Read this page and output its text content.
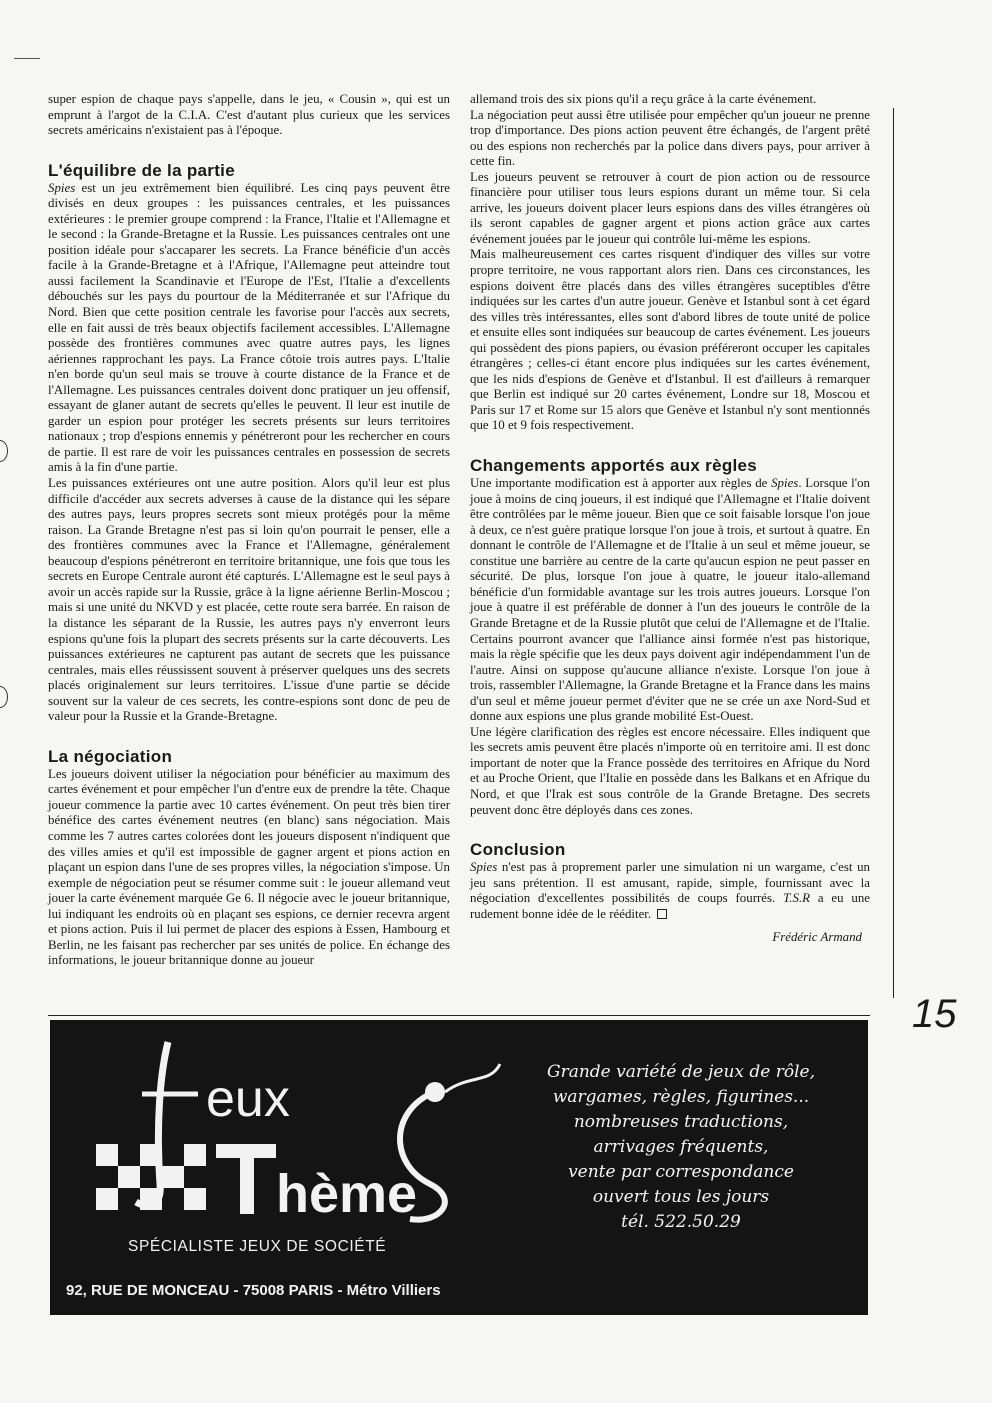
super espion de chaque pays s'appelle, dans le jeu, « Cousin », qui est un emprunt à l'argot de la C.I.A. C'est d'autant plus curieux que les services secrets américains n'existaient pas à l'époque.

L'équilibre de la partie

Spies est un jeu extrêmement bien équilibré. Les cinq pays peuvent être divisés en deux groupes : les puissances centrales, et les puissances extérieures : le premier groupe comprend : la France, l'Italie et l'Allemagne et le second : la Grande-Bretagne et la Russie. Les puissances centrales ont une position idéale pour s'accaparer les secrets. La France bénéficie d'un accès facile à la Grande-Bretagne et à l'Afrique, l'Allemagne peut atteindre tout aussi facilement la Scandinavie et l'Europe de l'Est, l'Italie a d'excellents débouchés sur les pays du pourtour de la Méditerranée et sur l'Afrique du Nord. Bien que cette position centrale les favorise pour l'accès aux secrets, elle en fait aussi de très beaux objectifs facilement accessibles. L'Allemagne possède des frontières communes avec quatre autres pays, les lignes aériennes rapprochant les pays. La France côtoie trois autres pays. L'Italie n'en borde qu'un seul mais se trouve à courte distance de la France et de l'Allemagne. Les puissances centrales doivent donc pratiquer un jeu offensif, essayant de glaner autant de secrets qu'elles le peuvent. Il leur est inutile de garder un espion pour protéger les secrets présents sur leurs territoires nationaux ; trop d'espions ennemis y pénétreront pour les rechercher en cours de partie. Il est rare de voir les puissances centrales en possession de secrets amis à la fin d'une partie.

Les puissances extérieures ont une autre position. Alors qu'il leur est plus difficile d'accéder aux secrets adverses à cause de la distance qui les sépare des autres pays, leurs propres secrets sont mieux protégés pour la même raison. La Grande Bretagne n'est pas si loin qu'on pourrait le penser, elle a des frontières communes avec la France et l'Allemagne, généralement beaucoup d'espions pénétreront en territoire britannique, une fois que tous les secrets en Europe Centrale auront été capturés. L'Allemagne est le seul pays à avoir un accès rapide sur la Russie, grâce à la ligne aérienne Berlin-Moscou ; mais si une unité du NKVD y est placée, cette route sera barrée. En raison de la distance les séparant de la Russie, les autres pays n'y enverront leurs espions qu'une fois la plupart des secrets présents sur la carte découverts. Les puissances extérieures ne capturent pas autant de secrets que les puissance centrales, mais elles réussissent souvent à préserver quelques uns des secrets placés originalement sur leurs territoires. L'issue d'une partie se décide souvent sur la valeur de ces secrets, les contre-espions sont donc de peu de valeur pour la Russie et la Grande-Bretagne.

La négociation

Les joueurs doivent utiliser la négociation pour bénéficier au maximum des cartes événement et pour empêcher l'un d'entre eux de prendre la tête. Chaque joueur commence la partie avec 10 cartes événement. On peut très bien tirer bénéfice des cartes événement neutres (en blanc) sans négociation. Mais comme les 7 autres cartes colorées dont les joueurs disposent n'indiquent que des villes amies et qu'il est impossible de gagner argent et pions action en plaçant un espion dans l'une de ses propres villes, la négociation s'impose. Un exemple de négociation peut se résumer comme suit : le joueur allemand veut jouer la carte événement marquée Ge 6. Il négocie avec le joueur britannique, lui indiquant les endroits où en plaçant ses espions, ce dernier recevra argent et pions action. Puis il lui permet de placer des espions à Essen, Hambourg et Berlin, ne les faisant pas rechercher par ses unités de police. En échange des informations, le joueur britannique donne au joueur

allemand trois des six pions qu'il a reçu grâce à la carte événement.

La négociation peut aussi être utilisée pour empêcher qu'un joueur ne prenne trop d'importance. Des pions action peuvent être échangés, de l'argent prêté ou des espions non recherchés par la police dans divers pays, pour arriver à cette fin.

Les joueurs peuvent se retrouver à court de pion action ou de ressource financière pour utiliser tous leurs espions durant un même tour. Si cela arrive, les joueurs doivent placer leurs espions dans des villes étrangères où ils seront capables de gagner argent et pions action grâce aux cartes événement jouées par le joueur qui contrôle lui-même les espions.

Mais malheureusement ces cartes risquent d'indiquer des villes sur votre propre territoire, ne vous rapportant alors rien. Dans ces circonstances, les espions doivent être placés dans des villes étrangères suceptibles d'être indiquées sur les cartes d'un autre joueur. Genève et Istanbul sont à cet égard des villes très intéressantes, elles sont d'abord libres de toute unité de police et ensuite elles sont indiquées sur beaucoup de cartes événement. Les joueurs qui possèdent des pions papiers, ou évasion préféreront occuper les capitales étrangères ; celles-ci étant encore plus indiquées sur les cartes événement, que les nids d'espions de Genève et d'Istanbul. Il est d'ailleurs à remarquer que Berlin est indiqué sur 20 cartes événement, Londre sur 18, Moscou et Paris sur 17 et Rome sur 15 alors que Genève et Istanbul n'y sont mentionnés que 10 et 9 fois respectivement.

Changements apportés aux règles

Une importante modification est à apporter aux règles de Spies. Lorsque l'on joue à moins de cinq joueurs, il est indiqué que l'Allemagne et l'Italie doivent être contrôlées par le même joueur. Bien que ce soit faisable lorsque l'on joue à deux, ce n'est guère pratique lorsque l'on joue à trois, et surtout à quatre. En donnant le contrôle de l'Allemagne et de l'Italie à un seul et même joueur, se constitue une barrière au centre de la carte qu'aucun espion ne peut passer en sécurité. De plus, lorsque l'on joue à quatre, le joueur italo-allemand bénéficie d'un formidable avantage sur les trois autres joueurs. Lorsque l'on joue à quatre il est préférable de donner à l'un des joueurs le contrôle de la Grande Bretagne et de la Russie plutôt que celui de l'Allemagne et de l'Italie. Certains pourront avancer que l'alliance ainsi formée n'est pas historique, mais la règle spécifie que les deux pays doivent agir indépendamment l'un de l'autre. Ainsi on suppose qu'aucune alliance n'existe. Lorsque l'on joue à trois, rassembler l'Allemagne, la Grande Bretagne et la France dans les mains d'un seul et même joueur permet d'éviter que ne se crée un axe Nord-Sud et donne aux espions une plus grande mobilité Est-Ouest.

Une légère clarification des règles est encore nécessaire. Elles indiquent que les secrets amis peuvent être placés n'importe où en territoire ami. Il est donc important de noter que la France possède des territoires en Afrique du Nord et au Proche Orient, que l'Italie en possède dans les Balkans et en Afrique du Nord, et que l'Irak est sous contrôle de la Grande Bretagne. Des secrets peuvent donc être déployés dans ces zones.

Conclusion

Spies n'est pas à proprement parler une simulation ni un wargame, c'est un jeu sans prétention. Il est amusant, rapide, simple, fournissant avec la négociation d'excellentes possibilités de coups fourrés. T.S.R a eu une rudement bonne idée de le rééditer.

Frédéric Armand

15
eux
hème
Grande variété de jeux de rôle,
wargames, règles, figurines...
nombreuses traductions,
arrivages fréquents,
vente par correspondance
ouvert tous les jours
tél. 522.50.29
SPÉCIALISTE JEUX DE SOCIÉTÉ
92, RUE DE MONCEAU - 75008 PARIS - Métro Villiers
